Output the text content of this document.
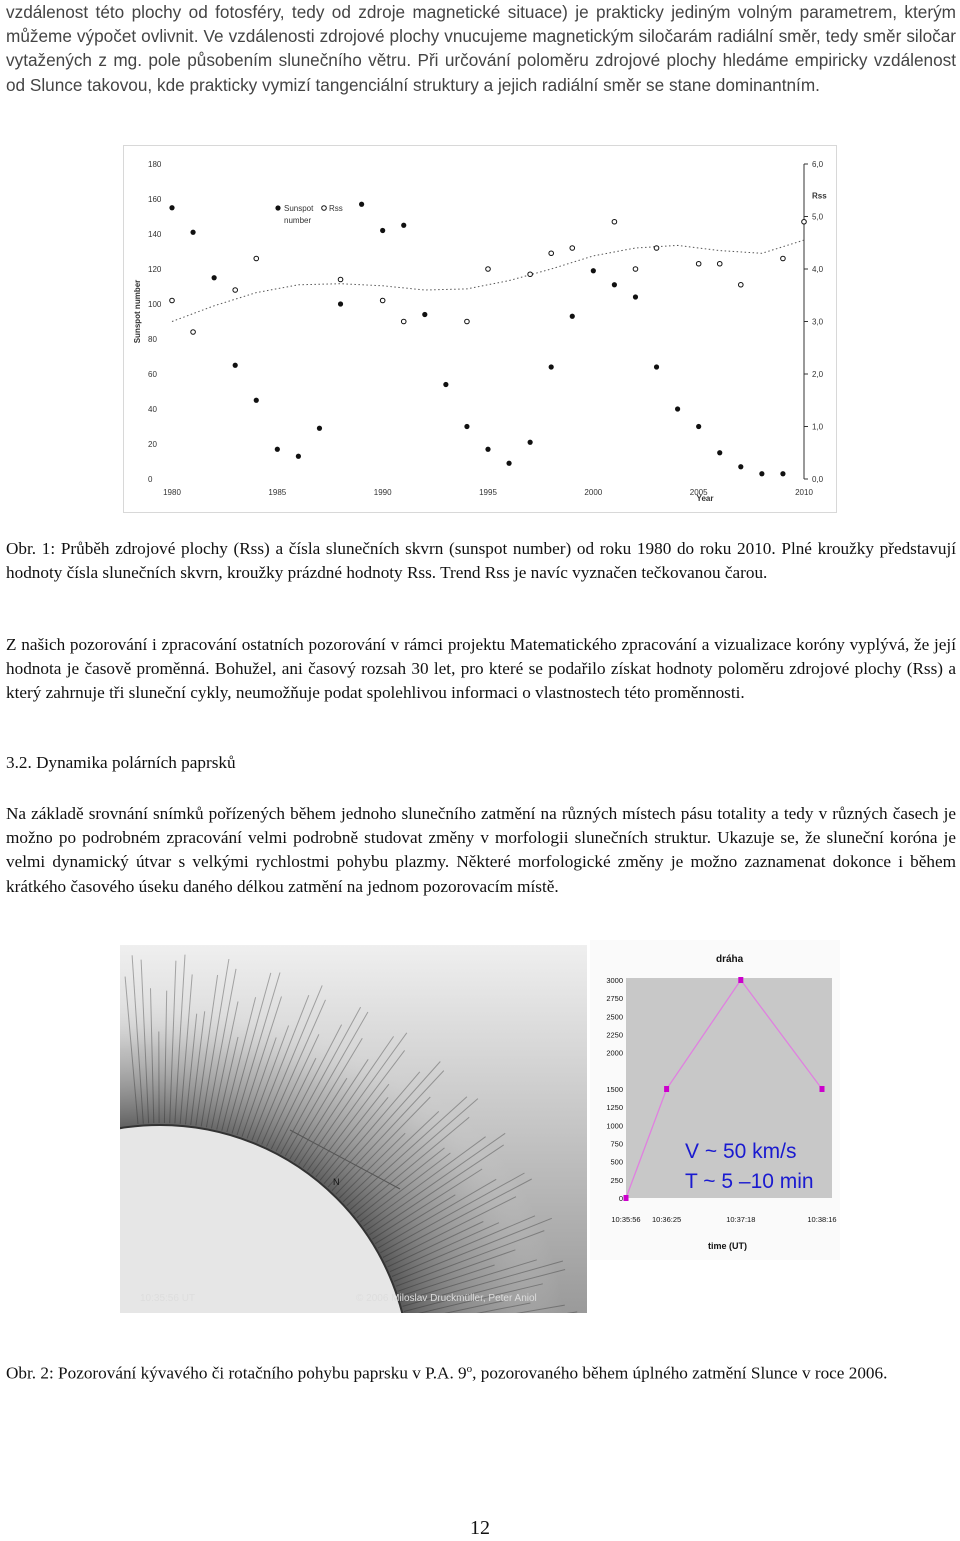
vzdálenost této plochy od fotosféry, tedy od zdroje magnetické situace) je prakticky jediným volným parametrem, kterým můžeme výpočet ovlivnit. Ve vzdálenosti zdrojové plochy vnucujeme magnetickým siločarám radiální směr, tedy směr siločar vytažených z mg. pole působením slunečního větru. Při určování poloměru zdrojové plochy hledáme empiricky vzdálenost od Slunce takovou, kde prakticky vymizí tangenciální struktury a jejich radiální směr se stane dominantním.

0
20
40
60
80
100
120
140
160
180
0,0
1,0
2,0
3,0
4,0
5,0
6,0
1980	1985	1990	1995	2000	2005	2010
Year
Sunspot number
Rss
Sunspot
number
Rss

Obr. 1: Průběh zdrojové plochy (Rss) a čísla slunečních skvrn (sunspot number) od roku 1980 do roku 2010. Plné kroužky představují hodnoty čísla slunečních skvrn, kroužky prázdné hodnoty Rss. Trend Rss je navíc vyznačen tečkovanou čarou.

Z našich pozorování i zpracování ostatních pozorování v rámci projektu Matematického zpracování a vizualizace koróny vyplývá, že její hodnota je časově proměnná. Bohužel, ani časový rozsah 30 let, pro které se podařilo získat hodnoty poloměru zdrojové plochy (Rss) a který zahrnuje tři sluneční cykly, neumožňuje podat spolehlivou informaci o vlastnostech této proměnnosti.

3.2. Dynamika polárních paprsků

Na základě srovnání snímků pořízených během jednoho slunečního zatmění na různých místech pásu totality a tedy v různých časech je možno po podrobném zpracování velmi podrobně studovat změny v morfologii slunečních struktur. Ukazuje se, že sluneční koróna je velmi dynamický útvar s velkými rychlostmi pohybu plazmy. Některé morfologické změny je možno zaznamenat dokonce i během krátkého časového úseku daného délkou zatmění na jednom pozorovacím místě.

N
10:35:56 UT	© 2006 Miloslav Druckmüller, Peter Aniol
dráha
0
250
500
750
1000
1250
1500
2000
2250
2500
2750
3000
10:35:56 10:36:25	10:37:18	10:38:16
V ~ 50 km/s
T ~ 5 –10 min
time (UT)

Obr. 2: Pozorování kývavého či rotačního pohybu paprsku v P.A. 9$^o$, pozorovaného během úplného zatmění Slunce v roce 2006.

12
